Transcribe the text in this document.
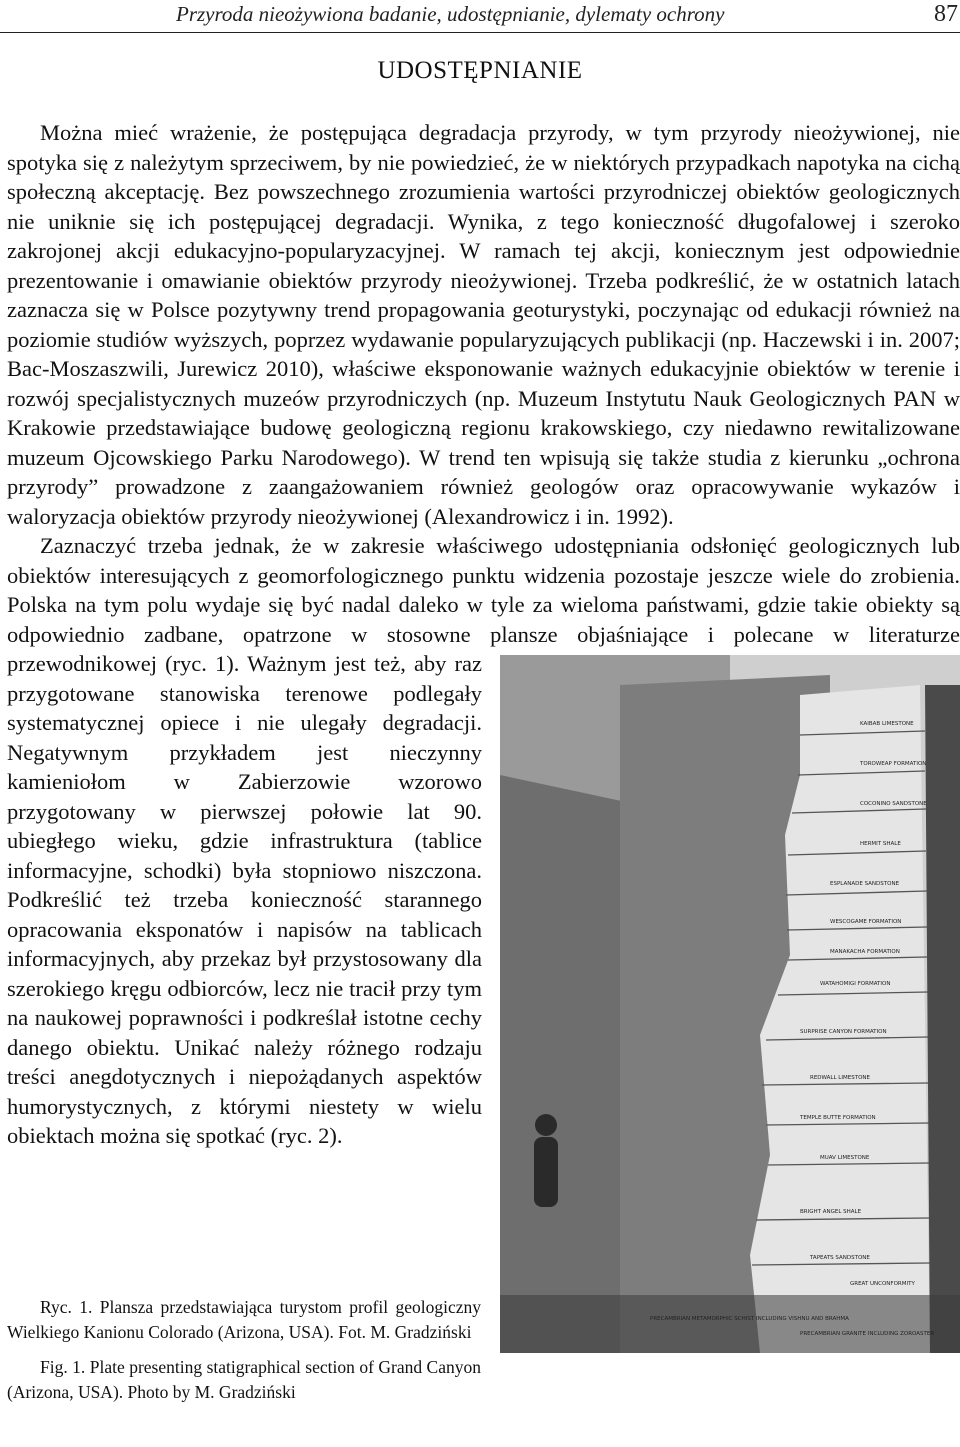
Przyroda nieożywiona badanie, udostępnianie, dylematy ochrony	87
UDOSTĘPNIANIE

Można mieć wrażenie, że postępująca degradacja przyrody, w tym przyrody nieożywionej, nie spotyka się z należytym sprzeciwem, by nie powiedzieć, że w niektórych przypadkach napotyka na cichą społeczną akceptację. Bez powszechnego zrozumienia wartości przyrodniczej obiektów geologicznych nie uniknie się ich postępującej degradacji. Wynika, z tego konieczność długofalowej i szeroko zakrojonej akcji edukacyjno-popularyzacyjnej. W ramach tej akcji, koniecznym jest odpowiednie prezentowanie i omawianie obiektów przyrody nieożywionej. Trzeba podkreślić, że w ostatnich latach zaznacza się w Polsce pozytywny trend propagowania geoturystyki, poczynając od edukacji również na poziomie studiów wyższych, poprzez wydawanie popularyzujących publikacji (np. Haczewski i in. 2007; Bac-Moszaszwili, Jurewicz 2010), właściwe eksponowanie ważnych edukacyjnie obiektów w terenie i rozwój specjalistycznych muzeów przyrodniczych (np. Muzeum Instytutu Nauk Geologicznych PAN w Krakowie przedstawiające budowę geologiczną regionu krakowskiego, czy niedawno rewitalizowane muzeum Ojcowskiego Parku Narodowego). W trend ten wpisują się także studia z kierunku „ochrona przyrody” prowadzone z zaangażowaniem również geologów oraz opracowywanie wykazów i waloryzacja obiektów przyrody nieożywionej (Alexandrowicz i in. 1992).

Zaznaczyć trzeba jednak, że w zakresie właściwego udostępniania odsłonięć geologicznych lub obiektów interesujących z geomorfologicznego punktu widzenia pozostaje jeszcze wiele do zrobienia. Polska na tym polu wydaje się być nadal daleko w tyle za wieloma państwami, gdzie takie obiekty są odpowiednio zadbane, opatrzone w stosowne plansze objaśniające i polecane w literaturze przewodnikowej (ryc. 1). Ważnym jest też,
KAIBAB LIMESTONE
TOROWEAP FORMATION
COCONINO SANDSTONE
HERMIT SHALE
ESPLANADE SANDSTONE
WESCOGAME FORMATION
MANAKACHA FORMATION
WATAHOMIGI FORMATION
SURPRISE CANYON FORMATION
REDWALL LIMESTONE
TEMPLE BUTTE FORMATION
MUAV LIMESTONE
BRIGHT ANGEL SHALE
TAPEATS SANDSTONE
GREAT UNCONFORMITY
PRECAMBRIAN METAMORPHIC SCHIST INCLUDING VISHNU AND BRAHMA
PRECAMBRIAN GRANITE INCLUDING ZOROASTER
aby raz przygotowane stanowiska terenowe podlegały systematycznej opiece i nie ulegały degradacji. Negatywnym przykładem jest nieczynny kamieniołom w Zabierzowie wzorowo przygotowany w pierwszej połowie lat 90. ubiegłego wieku, gdzie infrastruktura (tablice informacyjne, schodki) była stopniowo niszczona. Podkreślić też trzeba konieczność starannego opracowania eksponatów i napisów na tablicach informacyjnych, aby przekaz był przystosowany dla szerokiego kręgu odbiorców, lecz nie tracił przy tym na naukowej poprawności i podkreślał istotne cechy danego obiektu. Unikać należy różnego rodzaju treści anegdotycznych i niepożądanych aspektów humorystycznych, z którymi niestety w wielu obiektach można się spotkać (ryc. 2).

Ryc. 1. Plansza przedstawiająca turystom profil geologiczny Wielkiego Kanionu Colorado (Arizona, USA). Fot. M. Gradziński

Fig. 1. Plate presenting statigraphical section of Grand Canyon (Arizona, USA). Photo by M. Gradziński
